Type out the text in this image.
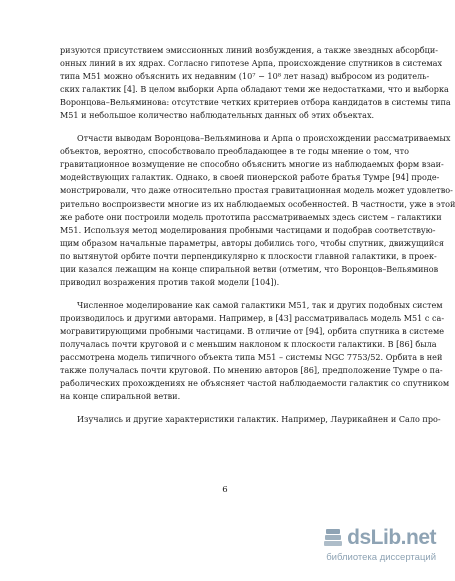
ризуются присутствием эмиссионных линий возбуждения, а также звездных абсорбци-
онных линий в их ядрах. Согласно гипотезе Арпа, происхождение спутников в системах
типа M51 можно объяснить их недавним (10⁷ − 10⁸ лет назад) выбросом из родитель-
ских галактик [4]. В целом выборки Арпа обладают теми же недостатками, что и выборка
Воронцова–Вельяминова: отсутствие четких критериев отбора кандидатов в системы типа
M51 и небольшое количество наблюдательных данных об этих объектах.
Отчасти выводам Воронцова–Вельяминова и Арпа о происхождении рассматриваемых
объектов, вероятно, способствовало преобладающее в те годы мнение о том, что
гравитационное возмущение не способно объяснить многие из наблюдаемых форм взаи-
модействующих галактик. Однако, в своей пионерской работе братья Тумре [94] проде-
монстрировали, что даже относительно простая гравитационная модель может удовлетво-
рительно воспроизвести многие из их наблюдаемых особенностей. В частности, уже в этой
же работе они построили модель прототипа рассматриваемых здесь систем – галактики
M51. Используя метод моделирования пробными частицами и подобрав соответствую-
щим образом начальные параметры, авторы добились того, чтобы спутник, движущийся
по вытянутой орбите почти перпендикулярно к плоскости главной галактики, в проек-
ции казался лежащим на конце спиральной ветви (отметим, что Воронцов–Вельяминов
приводил возражения против такой модели [104]).
Численное моделирование как самой галактики M51, так и других подобных систем
производилось и другими авторами. Например, в [43] рассматривалась модель M51 с са-
могравитирующими пробными частицами. В отличие от [94], орбита спутника в системе
получалась почти круговой и с меньшим наклоном к плоскости галактики. В [86] была
рассмотрена модель типичного объекта типа M51 – системы NGC 7753/52. Орбита в ней
также получалась почти круговой. По мнению авторов [86], предположение Тумре о па-
раболических прохождениях не объясняет частой наблюдаемости галактик со спутником
на конце спиральной ветви.
Изучались и другие характеристики галактик. Например, Лаурикайнен и Сало про-
6
dsLib.net
библиотека диссертаций
